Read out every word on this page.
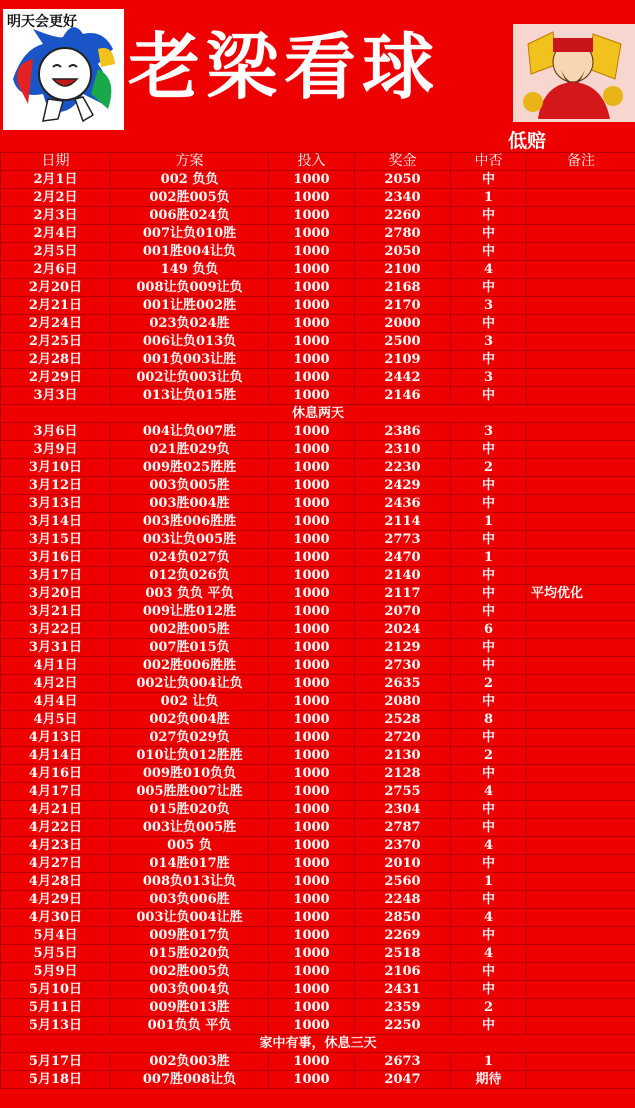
明天会更好
老梁看球
低赔
日期	方案	投入	奖金	中否	备注
2月1日	002 负负	1000	2050	中	
2月2日	002胜005负	1000	2340	1	
2月3日	006胜024负	1000	2260	中	
2月4日	007让负010胜	1000	2780	中	
2月5日	001胜004让负	1000	2050	中	
2月6日	149 负负	1000	2100	4	
2月20日	008让负009让负	1000	2168	中	
2月21日	001让胜002胜	1000	2170	3	
2月24日	023负024胜	1000	2000	中	
2月25日	006让负013负	1000	2500	3	
2月28日	001负003让胜	1000	2109	中	
2月29日	002让负003让负	1000	2442	3	
3月3日	013让负015胜	1000	2146	中	
休息两天					
3月6日	004让负007胜	1000	2386	3	
3月9日	021胜029负	1000	2310	中	
3月10日	009胜025胜胜	1000	2230	2	
3月12日	003负005胜	1000	2429	中	
3月13日	003胜004胜	1000	2436	中	
3月14日	003胜006胜胜	1000	2114	1	
3月15日	003让负005胜	1000	2773	中	
3月16日	024负027负	1000	2470	1	
3月17日	012负026负	1000	2140	中	
3月20日	003 负负 平负	1000	2117	中	平均优化
3月21日	009让胜012胜	1000	2070	中	
3月22日	002胜005胜	1000	2024	6	
3月31日	007胜015负	1000	2129	中	
4月1日	002胜006胜胜	1000	2730	中	
4月2日	002让负004让负	1000	2635	2	
4月4日	002 让负	1000	2080	中	
4月5日	002负004胜	1000	2528	8	
4月13日	027负029负	1000	2720	中	
4月14日	010让负012胜胜	1000	2130	2	
4月16日	009胜010负负	1000	2128	中	
4月17日	005胜胜007让胜	1000	2755	4	
4月21日	015胜020负	1000	2304	中	
4月22日	003让负005胜	1000	2787	中	
4月23日	005 负	1000	2370	4	
4月27日	014胜017胜	1000	2010	中	
4月28日	008负013让负	1000	2560	1	
4月29日	003负006胜	1000	2248	中	
4月30日	003让负004让胜	1000	2850	4	
5月4日	009胜017负	1000	2269	中	
5月5日	015胜020负	1000	2518	4	
5月9日	002胜005负	1000	2106	中	
5月10日	003负004负	1000	2431	中	
5月11日	009胜013胜	1000	2359	2	
5月13日	001负负 平负	1000	2250	中	
家中有事，休息三天					
5月17日	002负003胜	1000	2673	1	
5月18日	007胜008让负	1000	2047	期待	
